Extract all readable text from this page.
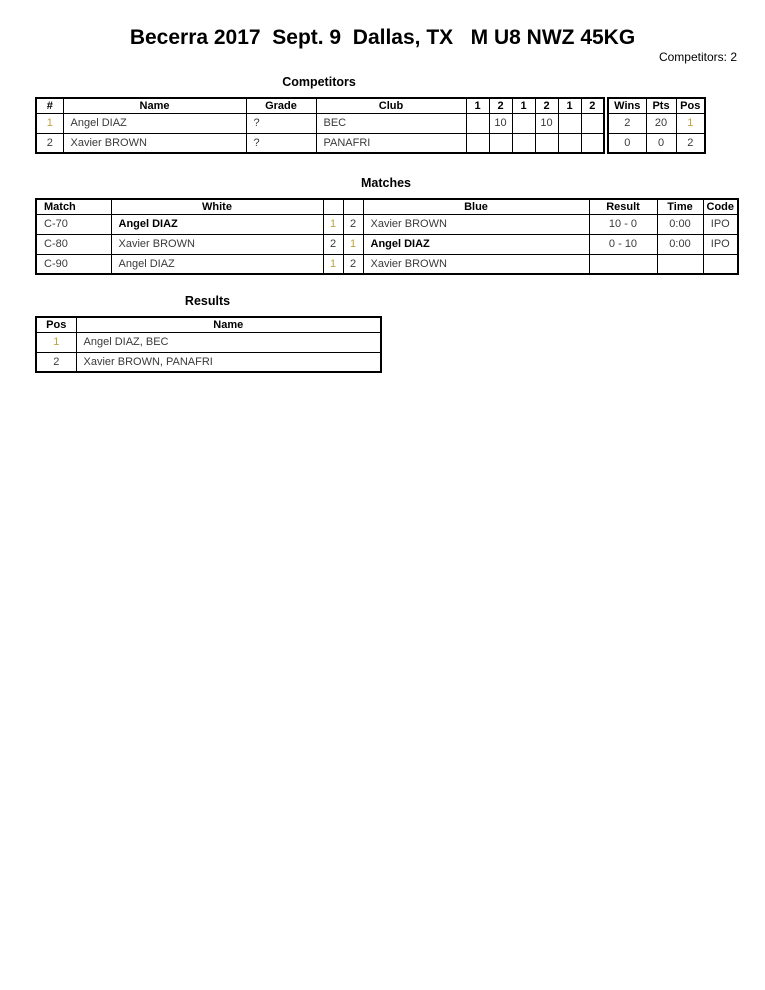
Becerra 2017  Sept. 9  Dallas, TX   M U8 NWZ 45KG
Competitors: 2
Competitors
#	Name	Grade	Club	1	2	1	2	1	2
1	Angel DIAZ	?	BEC		10		10		
2	Xavier BROWN	?	PANAFRI						
Wins	Pts	Pos
2	20	1
0	0	2
Matches
Match	White			Blue	Result	Time	Code
C-70	Angel DIAZ	1	2	Xavier BROWN	10 - 0	0:00	IPO
C-80	Xavier BROWN	2	1	Angel DIAZ	0 - 10	0:00	IPO
C-90	Angel DIAZ	1	2	Xavier BROWN			
Results
Pos	Name
1	Angel DIAZ, BEC
2	Xavier BROWN, PANAFRI
